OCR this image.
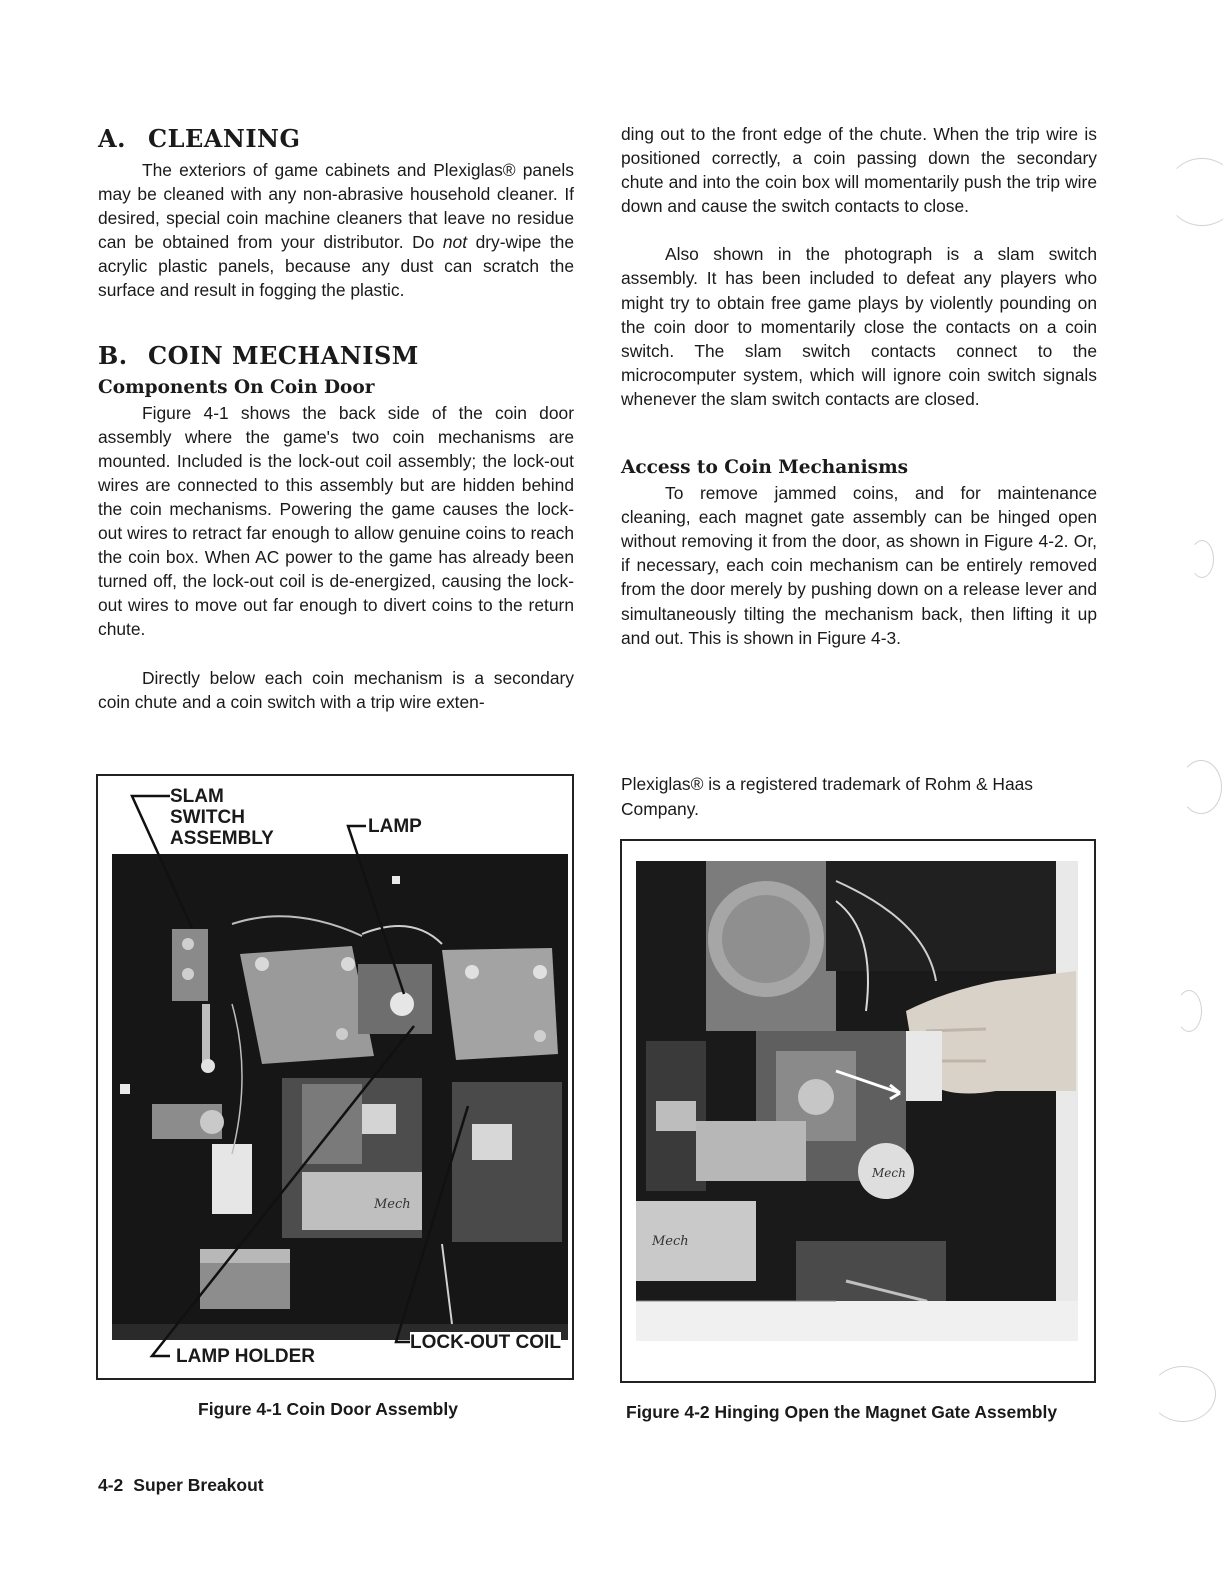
A. CLEANING

The exteriors of game cabinets and Plexiglas® panels may be cleaned with any non-abrasive household cleaner. If desired, special coin machine cleaners that leave no residue can be obtained from your distributor. Do not dry-wipe the acrylic plastic panels, because any dust can scratch the surface and result in fogging the plastic.

B. COIN MECHANISM
Components On Coin Door

Figure 4-1 shows the back side of the coin door assembly where the game's two coin mechanisms are mounted. Included is the lock-out coil assembly; the lock-out wires are connected to this assembly but are hidden behind the coin mechanisms. Powering the game causes the lock-out wires to retract far enough to allow genuine coins to reach the coin box. When AC power to the game has already been turned off, the lock-out coil is de-energized, causing the lock-out wires to move out far enough to divert coins to the return chute.

Directly below each coin mechanism is a secondary coin chute and a coin switch with a trip wire exten-

ding out to the front edge of the chute. When the trip wire is positioned correctly, a coin passing down the secondary chute and into the coin box will momentarily push the trip wire down and cause the switch contacts to close.

Also shown in the photograph is a slam switch assembly. It has been included to defeat any players who might try to obtain free game plays by violently pounding on the coin door to momentarily close the contacts on a coin switch. The slam switch contacts connect to the microcomputer system, which will ignore coin switch signals whenever the slam switch contacts are closed.

Access to Coin Mechanisms

To remove jammed coins, and for maintenance cleaning, each magnet gate assembly can be hinged open without removing it from the door, as shown in Figure 4-2. Or, if necessary, each coin mechanism can be entirely removed from the door merely by pushing down on a release lever and simultaneously tilting the mechanism back, then lifting it up and out. This is shown in Figure 4-3.

Plexiglas® is a registered trademark of Rohm & Haas Company.
Mech
SLAM SWITCH ASSEMBLY
LAMP
LAMP HOLDER
LOCK-OUT COIL
Figure 4-1 Coin Door Assembly
Mech
Mech
Figure 4-2 Hinging Open the Magnet Gate Assembly
4-2 Super Breakout
